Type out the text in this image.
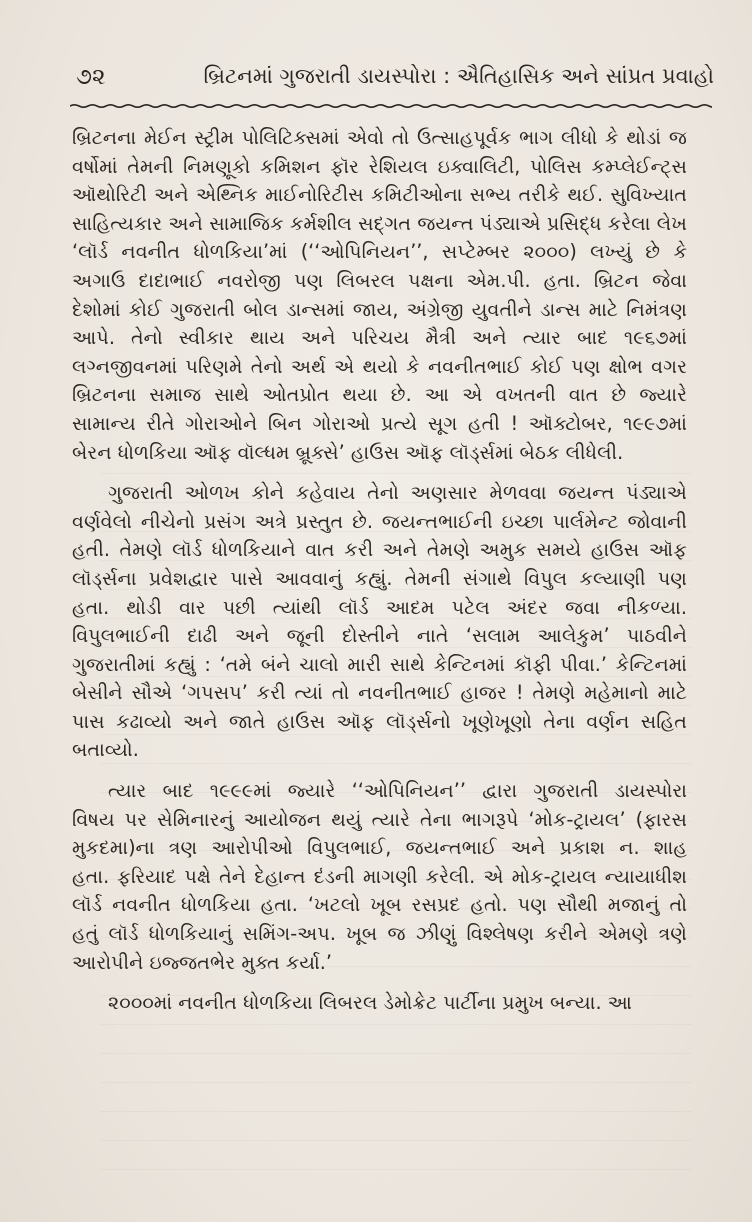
૭૨	બ્રિટનમાં ગુજરાતી ડાયસ્પોરા : ઐતિહાસિક અને સાંપ્રત પ્રવાહો
બ્રિટનના મેઈન સ્ટ્રીમ પોલિટિક્સમાં એવો તો ઉત્સાહપૂર્વક ભાગ લીધો કે થોડાં જ
વર્ષોમાં તેમની નિમણૂકો કમિશન ફૉર રેશિયલ ઇક્વાલિટી, પોલિસ કમ્પ્લેઈન્ટ્સ
ઑથોરિટી અને એથ્નિક માઈનોરિટીસ કમિટીઓના સભ્ય તરીકે થઈ. સુવિખ્યાત
સાહિત્યકાર અને સામાજિક કર્મશીલ સદ્‌ગત જયન્ત પંડ્યાએ પ્રસિદ્ધ કરેલા લેખ
‘લૉર્ડ નવનીત ધોળકિયા’માં (‘‘ઓપિનિયન’’, સપ્ટેમ્બર ૨૦૦૦) લખ્યું છે કે
અગાઉ દાદાભાઈ નવરોજી પણ લિબરલ પક્ષના એમ.પી. હતા. બ્રિટન જેવા
દેશોમાં કોઈ ગુજરાતી બોલ ડાન્સમાં જાય, અંગ્રેજી યુવતીને ડાન્સ માટે નિમંત્રણ
આપે. તેનો સ્વીકાર થાય અને પરિચય મૈત્રી અને ત્યાર બાદ ૧૯૬૭માં
લગ્નજીવનમાં પરિણમે તેનો અર્થ એ થયો કે નવનીતભાઈ કોઈ પણ ક્ષોભ વગર
બ્રિટનના સમાજ સાથે ઓતપ્રોત થયા છે. આ એ વખતની વાત છે જ્યારે
સામાન્ય રીતે ગોરાઓને બિન ગોરાઓ પ્રત્યે સૂગ હતી ! ઑક્ટોબર, ૧૯૯૭માં
બેરન ધોળકિયા ઑફ વૉલ્ધમ બ્રૂક્સે’ હાઉસ ઑફ લૉર્ડ્સમાં બેઠક લીધેલી.
ગુજરાતી ઓળખ કોને કહેવાય તેનો અણસાર મેળવવા જયન્ત પંડ્યાએ
વર્ણવેલો નીચેનો પ્રસંગ અત્રે પ્રસ્તુત છે. જયન્તભાઈની ઇચ્છા પાર્લમેન્ટ જોવાની
હતી. તેમણે લૉર્ડ ધોળકિયાને વાત કરી અને તેમણે અમુક સમયે હાઉસ ઑફ
લૉર્ડ્સના પ્રવેશદ્વાર પાસે આવવાનું કહ્યું. તેમની સંગાથે વિપુલ કલ્યાણી પણ
હતા. થોડી વાર પછી ત્યાંથી લૉર્ડ આદમ પટેલ અંદર જવા નીકળ્યા.
વિપુલભાઈની દાઢી અને જૂની દોસ્તીને નાતે ‘સલામ આલેકુમ’ પાઠવીને
ગુજરાતીમાં કહ્યું : ‘તમે બંને ચાલો મારી સાથે કેન્ટિનમાં કૉફી પીવા.’ કેન્ટિનમાં
બેસીને સૌએ ‘ગપસપ’ કરી ત્યાં તો નવનીતભાઈ હાજર ! તેમણે મહેમાનો માટે
પાસ કઢાવ્યો અને જાતે હાઉસ ઑફ લૉર્ડ્સનો ખૂણેખૂણો તેના વર્ણન સહિત
બતાવ્યો.
ત્યાર બાદ ૧૯૯૯માં જ્યારે ‘‘ઓપિનિયન’’ દ્વારા ગુજરાતી ડાયસ્પોરા
વિષય પર સેમિનારનું આયોજન થયું ત્યારે તેના ભાગરૂપે ‘મોક-ટ્રાયલ’ (ફારસ
મુકદમા)ના ત્રણ આરોપીઓ વિપુલભાઈ, જયન્તભાઈ અને પ્રકાશ ન. શાહ
હતા. ફરિયાદ પક્ષે તેને દેહાન્ત દંડની માગણી કરેલી. એ મોક-ટ્રાયલ ન્યાયાધીશ
લૉર્ડ નવનીત ધોળકિયા હતા. ‘ખટલો ખૂબ રસપ્રદ હતો. પણ સૌથી મજાનું તો
હતું લૉર્ડ ધોળકિયાનું સમિંગ-અપ. ખૂબ જ ઝીણું વિશ્લેષણ કરીને એમણે ત્રણે
આરોપીને ઇજ્જતભેર મુક્ત કર્યા.’
૨૦૦૦માં નવનીત ધોળકિયા લિબરલ ડેમોક્રેટ પાર્ટીના પ્રમુખ બન્યા. આ
